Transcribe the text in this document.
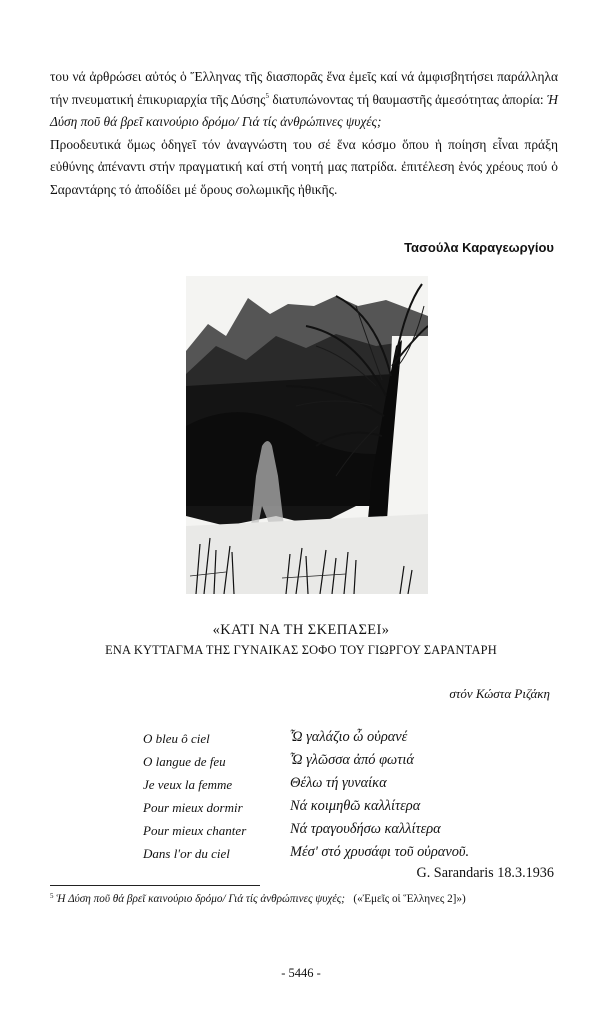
του νά ἀρθρώσει αὐτός ὁ Ἕλληνας τῆς διασπορᾶς ἕνα ἐμεῖς καί νά ἀμφισβητήσει παράλληλα τήν πνευματική ἐπικυριαρχία τῆς Δύσης$^5$ διατυπώνοντας τή θαυμαστῆς ἀμεσότητας ἀπορία: Ἡ Δύση ποῦ θά βρεῖ καινούριο δρόμο/ Γιά τίς ἀνθρώπινες ψυχές;

Προοδευτικά ὅμως ὁδηγεῖ τόν ἀναγνώστη του σέ ἕνα κόσμο ὅπου ἡ ποίηση εἶναι πράξη εὐθύνης ἀπέναντι στήν πραγματική καί στή νοητή μας πατρίδα. ἐπιτέλεση ἑνός χρέους πού ὁ Σαραντάρης τό ἀποδίδει μέ ὅρους σολωμικῆς ἠθικῆς.

Τασούλα Καραγεωργίου
«ΚΑΤΙ ΝΑ ΤΗ ΣΚΕΠΑΣΕΙ»
ΕΝΑ ΚΥΤΤΑΓΜΑ ΤΗΣ ΓΥΝΑΙΚΑΣ ΣΟΦΟ ΤΟΥ ΓΙΩΡΓΟΥ ΣΑΡΑΝΤΑΡΗ
στόν Κώστα Ριζάκη
O bleu ô ciel
O langue de feu
Je veux la femme
Pour mieux dormir
Pour mieux chanter
Dans l'or du ciel
Ὦ γαλάζιο ὦ οὐρανέ
Ὦ γλῶσσα ἀπό φωτιά
Θέλω τή γυναίκα
Νά κοιμηθῶ καλλίτερα
Νά τραγουδήσω καλλίτερα
Μέσ' στό χρυσάφι τοῦ οὐρανοῦ.
G. Sarandaris 18.3.1936
$^5$ Ἡ Δύση ποῦ θά βρεῖ καινούριο δρόμο/ Γιά τίς ἀνθρώπινες ψυχές; («Ἐμεῖς οἱ Ἕλληνες 2]»)
- 5446 -
